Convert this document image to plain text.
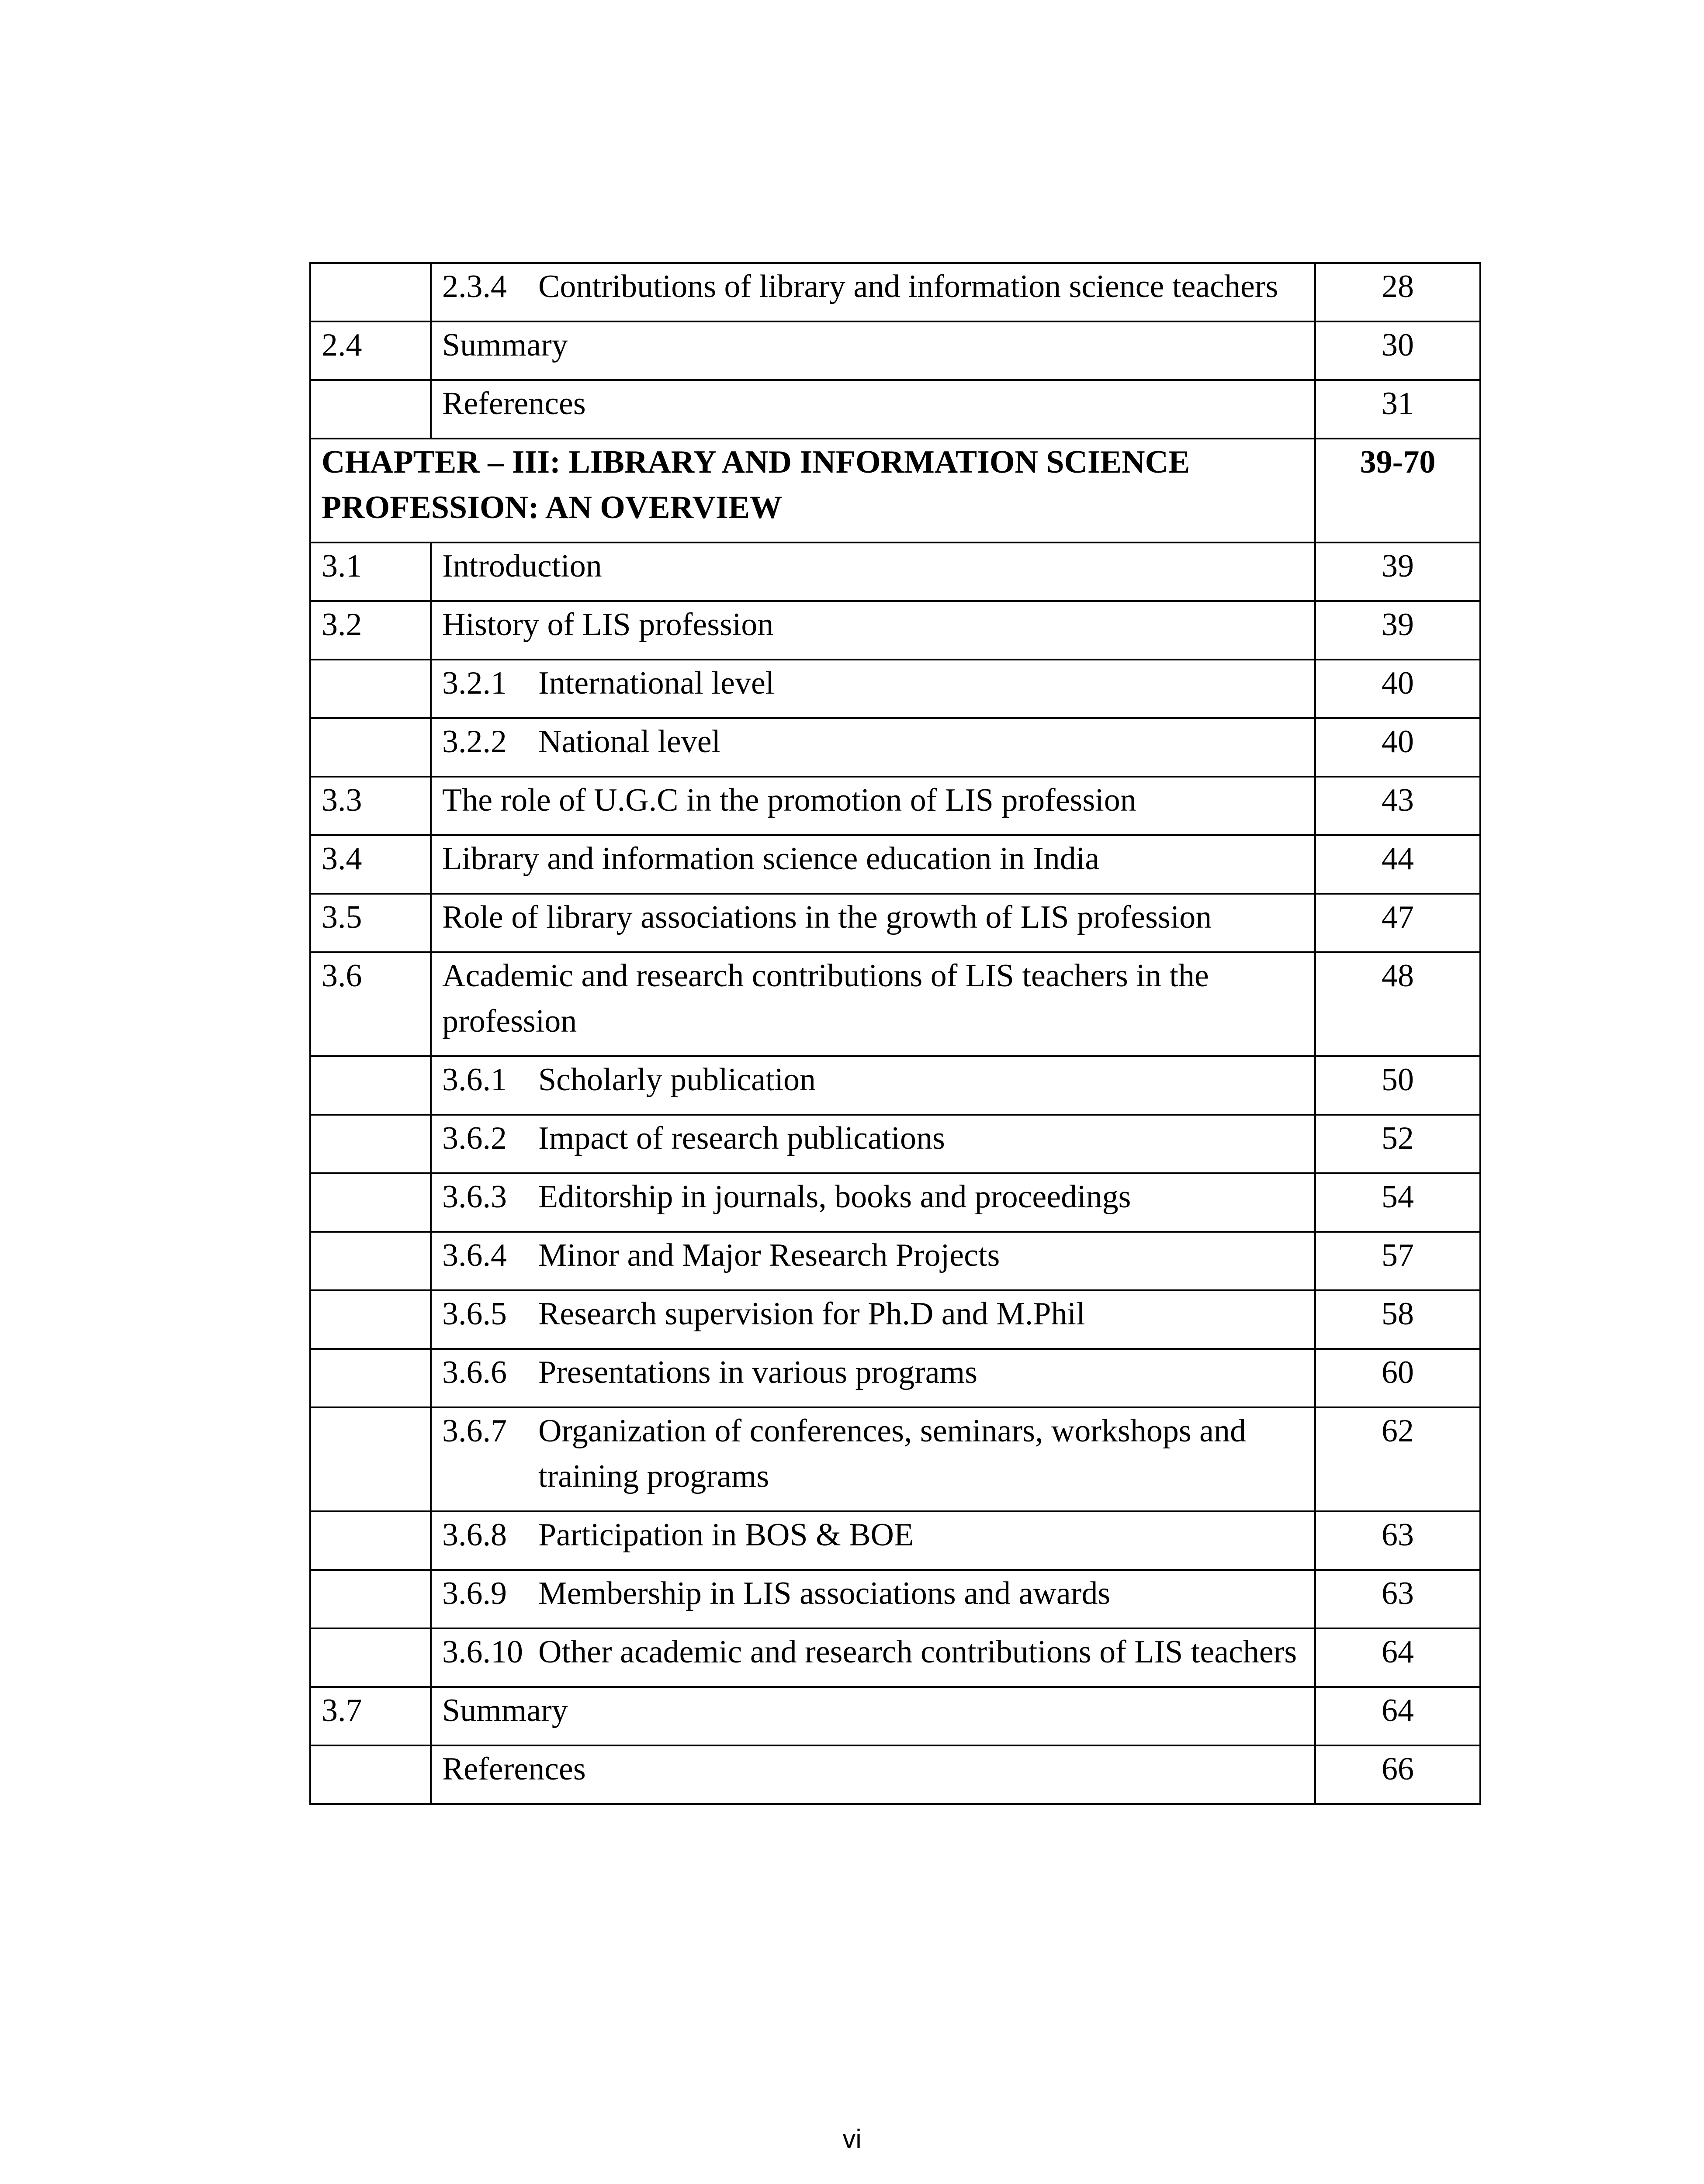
	2.3.4 Contributions of library and information science teachers	28
2.4	Summary	30
	References	31
CHAPTER – III: LIBRARY AND INFORMATION SCIENCE PROFESSION: AN OVERVIEW		39-70
3.1	Introduction	39
3.2	History of LIS profession	39

	3.2.1 International level	40

	3.2.2 National level	40
3.3	The role of U.G.C in the promotion of LIS profession	43
3.4	Library and information science education in India	44
3.5	Role of library associations in the growth of LIS profession	47
3.6	Academic and research contributions of LIS teachers in the profession	48

	3.6.1 Scholarly publication	50

	3.6.2 Impact of research publications	52

	3.6.3 Editorship in journals, books and proceedings	54

	3.6.4 Minor and Major Research Projects	57

	3.6.5 Research supervision for Ph.D and M.Phil	58

	3.6.6 Presentations in various programs	60

	3.6.7 Organization of conferences, seminars, workshops and training programs	62

	3.6.8 Participation in BOS & BOE	63

	3.6.9 Membership in LIS associations and awards	63

	3.6.10 Other academic and research contributions of LIS teachers	64
3.7	Summary	64
	References	66
vi
